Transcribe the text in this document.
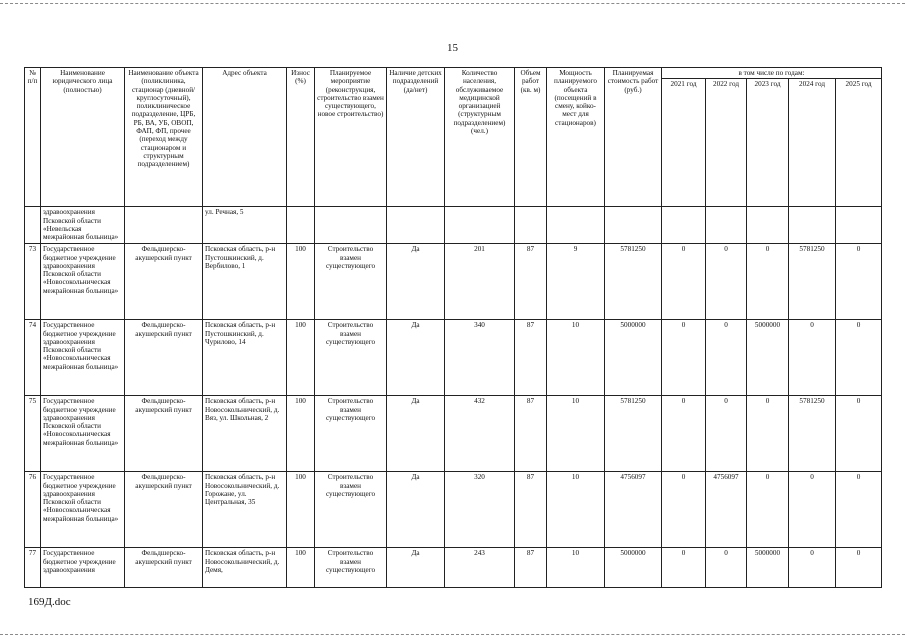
15
№ п/п	Наименование юридического лица (полностью)	Наименование объекта (поликлиника, стационар (дневной/ круглосуточный), поликлиническое подразделение, ЦРБ, РБ, ВА, УБ, ОВОП, ФАП, ФП, прочее (переход между стационаром и структурным подразделением)	Адрес объекта	Износ (%)	Планируемое мероприятие (реконструкция, строительство взамен существующего, новое строительство)	Наличие детских подразделений (да/нет)	Количество населения, обслуживаемое медицинской организацией (структурным подразделением) (чел.)	Объем работ (кв. м)	Мощность планируемого объекта (посещений в смену, койко-мест для стационаров)	Планируемая стоимость работ (руб.)	в том числе по годам:				
											2021 год	2022 год	2023 год	2024 год	2025 год
	здравоохранения Псковской области «Невельская межрайонная больница»		ул. Речная, 5												
73	Государственное бюджетное учреждение здравоохранения Псковской области «Новосокольническая межрайонная больница»	Фельдшерско-акушерский пункт	Псковская область, р-н Пустошкинский, д. Вербилово, 1	100	Строительство взамен существующего	Да	201	87	9	5781250	0	0	0	5781250	0
74	Государственное бюджетное учреждение здравоохранения Псковской области «Новосокольническая межрайонная больница»	Фельдшерско-акушерский пункт	Псковская область, р-н Пустошкинский, д. Чурилово, 14	100	Строительство взамен существующего	Да	340	87	10	5000000	0	0	5000000	0	0
75	Государственное бюджетное учреждение здравоохранения Псковской области «Новосокольническая межрайонная больница»	Фельдшерско-акушерский пункт	Псковская область, р-н Новосокольнический, д. Вяз, ул. Школьная, 2	100	Строительство взамен существующего	Да	432	87	10	5781250	0	0	0	5781250	0
76	Государственное бюджетное учреждение здравоохранения Псковской области «Новосокольническая межрайонная больница»	Фельдшерско-акушерский пункт	Псковская область, р-н Новосокольнический, д. Горожане, ул. Центральная, 35	100	Строительство взамен существующего	Да	320	87	10	4756097	0	4756097	0	0	0
77	Государственное бюджетное учреждение здравоохранения	Фельдшерско-акушерский пункт	Псковская область, р-н Новосокольнический, д. Демя,	100	Строительство взамен существующего	Да	243	87	10	5000000	0	0	5000000	0	0
169Д.doc
